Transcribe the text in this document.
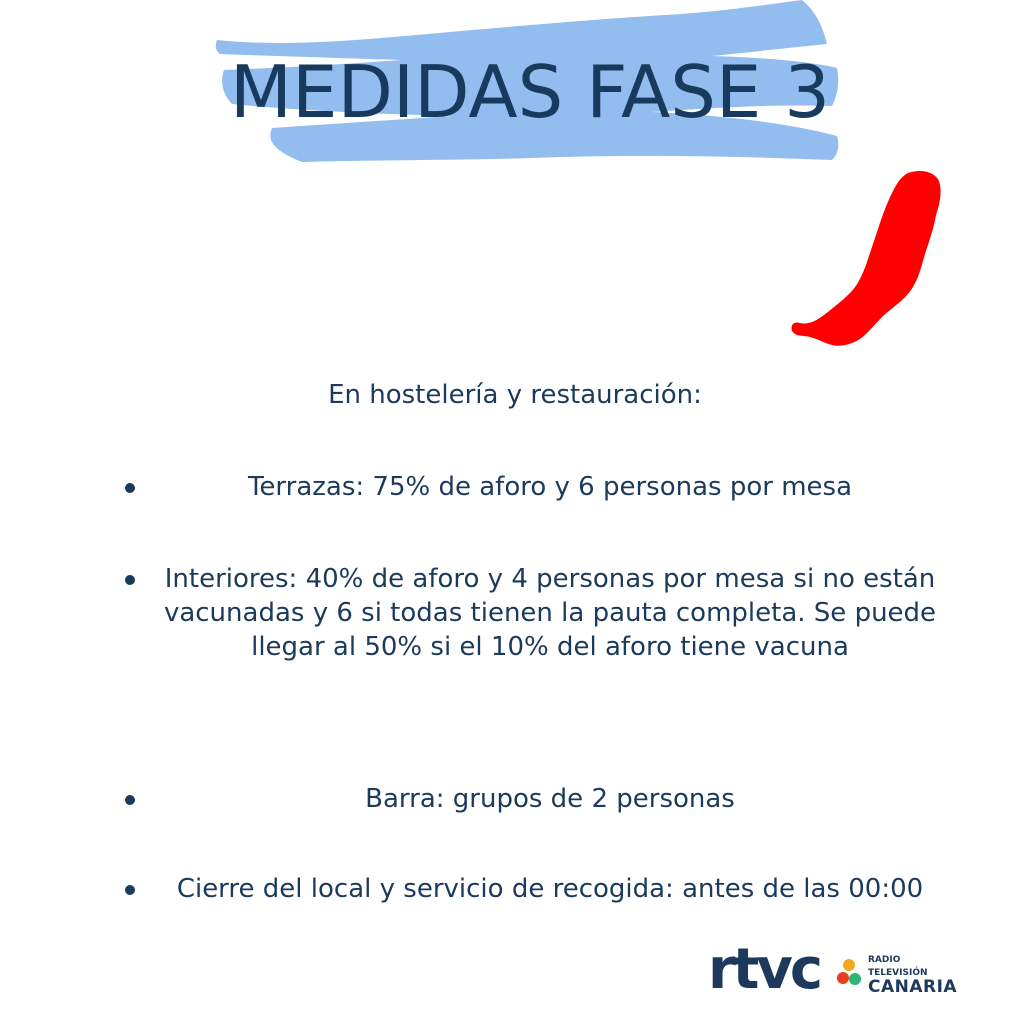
MEDIDAS FASE 3
En hostelería y restauración:
Terrazas: 75% de aforo y 6 personas por mesa
Interiores: 40% de aforo y 4 personas por mesa si no están vacunadas y 6 si todas tienen la pauta completa. Se puede llegar al 50% si el 10% del aforo tiene vacuna
Barra: grupos de 2 personas
Cierre del local y servicio de recogida: antes de las 00:00
rtvc	RADIO
TELEVISIÓN
CANARIA
